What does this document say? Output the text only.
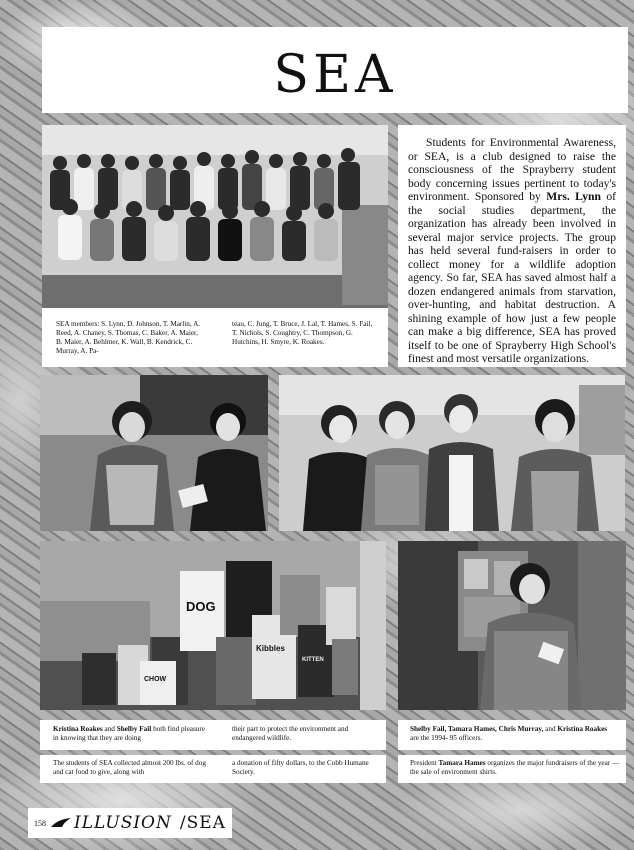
SEA
SEA members: S. Lynn, D. Johnson, T. Marlin, A. Reed, A. Chaney, S. Thomas, C. Baker, A. Maier, B. Maier, A. Behlmer, K. Wall, B. Kendrick, C. Murray, A. Pa-
teau, C. Jung, T. Bruce, J. Lal, T. Hames, S. Fail, T. Nichols, S. Coughtry, C. Thompson, G. Hutchins, H. Smyre, K. Roakes.

Students for Environmental Awareness, or SEA, is a club designed to raise the consciousness of the Sprayberry student body concerning issues pertinent to today's environment. Sponsored by Mrs. Lynn of the social studies department, the organization has already been involved in several major service projects. The group has held several fund-raisers in order to collect money for a wildlife adoption agency. So far, SEA has saved almost half a dozen endangered animals from starvation, over-hunting, and habitat destruction. A shining example of how just a few people can make a big difference, SEA has proved itself to be one of Sprayberry High School's finest and most versatile organizations.

DOG
CHOW
Kibbles
KITTEN
Kristina Roakes and Shelby Fail both find pleasure in knowing that they are doing
their part to protect the environment and endangered wildlife.
Shelby Fail, Tamara Hames, Chris Murray, and Kristina Roakes are the 1994- 95 officers.
The students of SEA collected almost 200 lbs. of dog and cat food to give, along with
a donation of fifty dollars, to the Cobb Humane Society.
President Tamara Hames organizes the major fundraisers of the year — the sale of environment shirts.
158 ILLUSION /SEA
